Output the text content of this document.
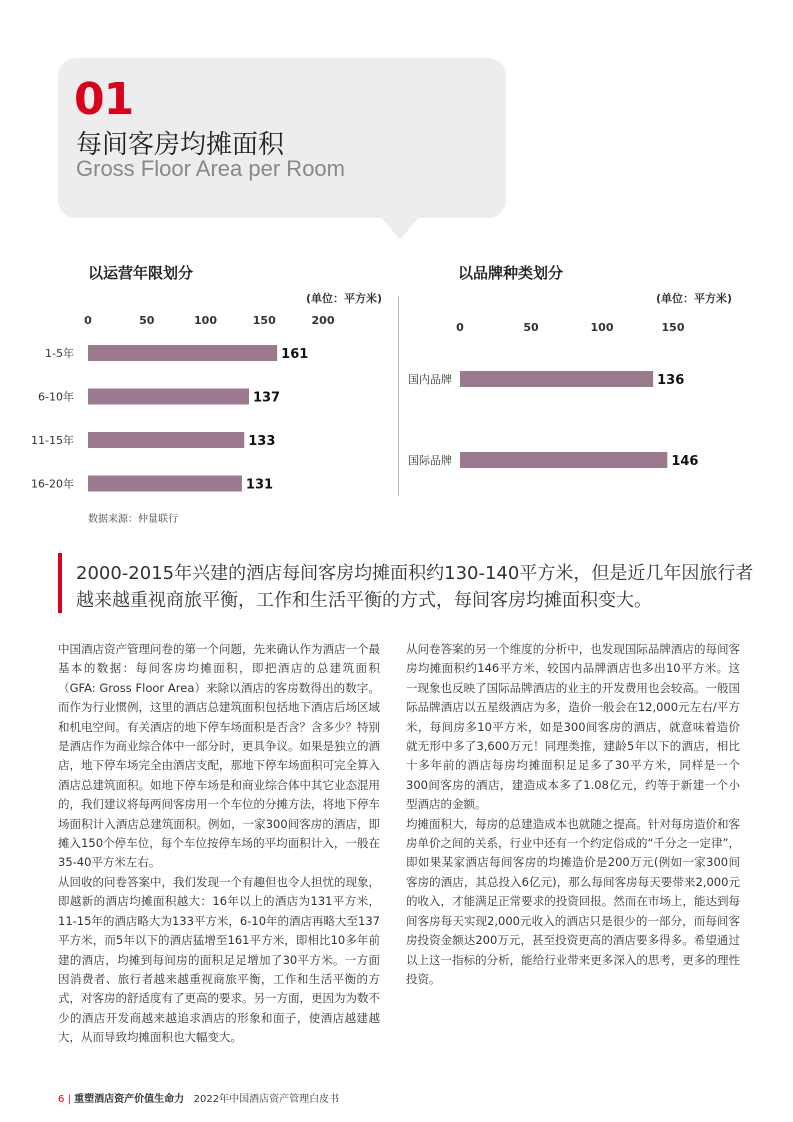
01
每间客房均摊面积
Gross Floor Area per Room
以运营年限划分
(单位：平方米)
0	50	100	150	200
1-5年	161
6-10年	137
11-15年	133
16-20年	131
以品牌种类划分
(单位：平方米)
0	50	100	150
国内品牌	136
国际品牌	146
数据来源：仲量联行
2000-2015年兴建的酒店每间客房均摊面积约130-140平方米，但是近几年因旅行者越来越重视商旅平衡，工作和生活平衡的方式，每间客房均摊面积变大。

中国酒店资产管理问卷的第一个问题，先来确认作为酒店一个最基本的数据：每间客房均摊面积，即把酒店的总建筑面积（GFA: Gross Floor Area）来除以酒店的客房数得出的数字。而作为行业惯例，这里的酒店总建筑面积包括地下酒店后场区域和机电空间。有关酒店的地下停车场面积是否含？含多少？特别是酒店作为商业综合体中一部分时，更具争议。如果是独立的酒店，地下停车场完全由酒店支配，那地下停车场面积可完全算入酒店总建筑面积。如地下停车场是和商业综合体中其它业态混用的，我们建议将每两间客房用一个车位的分摊方法，将地下停车场面积计入酒店总建筑面积。例如，一家300间客房的酒店，即摊入150个停车位，每个车位按停车场的平均面积计入，一般在35-40平方米左右。

从回收的问卷答案中，我们发现一个有趣但也令人担忧的现象，即越新的酒店均摊面积越大：16年以上的酒店为131平方米，11-15年的酒店略大为133平方米，6-10年的酒店再略大至137平方米，而5年以下的酒店猛增至161平方米，即相比10多年前建的酒店，均摊到每间房的面积足足增加了30平方米。一方面因消费者、旅行者越来越重视商旅平衡，工作和生活平衡的方式，对客房的舒适度有了更高的要求。另一方面，更因为为数不少的酒店开发商越来越追求酒店的形象和面子，使酒店越建越大，从而导致均摊面积也大幅变大。

从问卷答案的另一个维度的分析中，也发现国际品牌酒店的每间客房均摊面积约146平方米，较国内品牌酒店也多出10平方米。这一现象也反映了国际品牌酒店的业主的开发费用也会较高。一般国际品牌酒店以五星级酒店为多，造价一般会在12,000元左右/平方米，每间房多10平方米，如是300间客房的酒店，就意味着造价就无形中多了3,600万元！同理类推，建龄5年以下的酒店，相比十多年前的酒店每房均摊面积足足多了30平方米，同样是一个300间客房的酒店，建造成本多了1.08亿元，约等于新建一个小型酒店的金额。

均摊面积大，每房的总建造成本也就随之提高。针对每房造价和客房单价之间的关系，行业中还有一个约定俗成的“千分之一定律”，即如果某家酒店每间客房的均摊造价是200万元(例如一家300间客房的酒店，其总投入6亿元)，那么每间客房每天要带来2,000元的收入，才能满足正常要求的投资回报。然而在市场上，能达到每间客房每天实现2,000元收入的酒店只是很少的一部分，而每间客房投资金额达200万元，甚至投资更高的酒店要多得多。希望通过以上这一指标的分析，能给行业带来更多深入的思考，更多的理性投资。

6 | 重塑酒店资产价值生命力 2022年中国酒店资产管理白皮书
